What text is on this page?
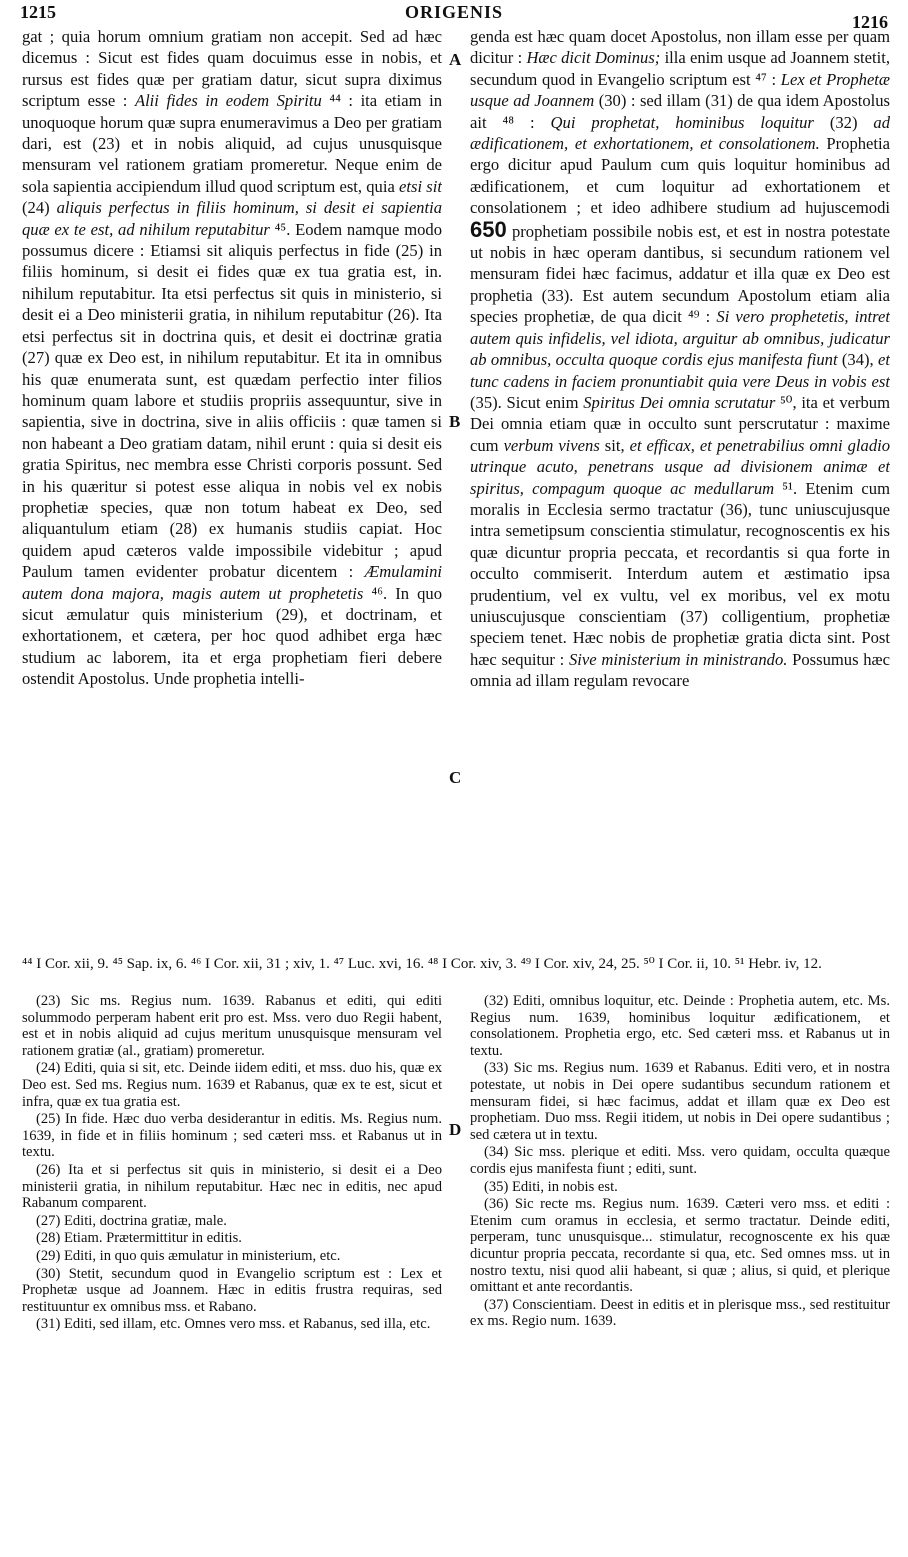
1215	ORIGENIS	1216
gat ; quia horum omnium gratiam non accepit. Sed ad hæc dicemus : Sicut est fides quam docuimus esse in nobis, et rursus est fides quæ per gratiam datur, sicut supra diximus scriptum esse : Alii fides in eodem Spiritu ⁴⁴ : ita etiam in unoquoque horum quæ supra enumeravimus a Deo per gratiam dari, est (23) et in nobis aliquid, ad cujus unusquisque mensuram vel rationem gratiam promeretur. Neque enim de sola sapientia accipiendum illud quod scriptum est, quia etsi sit (24) aliquis perfectus in filiis hominum, si desit ei sapientia quæ ex te est, ad nihilum reputabitur ⁴⁵. Eodem namque modo possumus dicere : Etiamsi sit aliquis perfectus in fide (25) in filiis hominum, si desit ei fides quæ ex tua gratia est, in. nihilum reputabitur. Ita etsi perfectus sit quis in ministerio, si desit ei a Deo ministerii gratia, in nihilum reputabitur (26). Ita etsi perfectus sit in doctrina quis, et desit ei doctrinæ gratia (27) quæ ex Deo est, in nihilum reputabitur. Et ita in omnibus his quæ enumerata sunt, est quædam perfectio inter filios hominum quam labore et studiis propriis assequuntur, sive in sapientia, sive in doctrina, sive in aliis officiis : quæ tamen si non habeant a Deo gratiam datam, nihil erunt : quia si desit eis gratia Spiritus, nec membra esse Christi corporis possunt. Sed in his quæritur si potest esse aliqua in nobis vel ex nobis prophetiæ species, quæ non totum habeat ex Deo, sed aliquantulum etiam (28) ex humanis studiis capiat. Hoc quidem apud cæteros valde impossibile videbitur ; apud Paulum tamen evidenter probatur dicentem : Æmulamini autem dona majora, magis autem ut prophetetis ⁴⁶. In quo sicut æmulatur quis ministerium (29), et doctrinam, et exhortationem, et cætera, per hoc quod adhibet erga hæc studium ac laborem, ita et erga prophetiam fieri debere ostendit Apostolus. Unde prophetia intelli-
A
B
C
D
genda est hæc quam docet Apostolus, non illam esse per quam dicitur : Hæc dicit Dominus; illa enim usque ad Joannem stetit, secundum quod in Evangelio scriptum est ⁴⁷ : Lex et Prophetæ usque ad Joannem (30) : sed illam (31) de qua idem Apostolus ait ⁴⁸ : Qui prophetat, hominibus loquitur (32) ad ædificationem, et exhortationem, et consolationem. Prophetia ergo dicitur apud Paulum cum quis loquitur hominibus ad ædificationem, et cum loquitur ad exhortationem et consolationem ; et ideo adhibere studium ad hujuscemodi 650 prophetiam possibile nobis est, et est in nostra potestate ut nobis in hæc operam dantibus, si secundum rationem vel mensuram fidei hæc facimus, addatur et illa quæ ex Deo est prophetia (33). Est autem secundum Apostolum etiam alia species prophetiæ, de qua dicit ⁴⁹ : Si vero prophetetis, intret autem quis infidelis, vel idiota, arguitur ab omnibus, judicatur ab omnibus, occulta quoque cordis ejus manifesta fiunt (34), et tunc cadens in faciem pronuntiabit quia vere Deus in vobis est (35). Sicut enim Spiritus Dei omnia scrutatur ⁵⁰, ita et verbum Dei omnia etiam quæ in occulto sunt perscrutatur : maxime cum verbum vivens sit, et efficax, et penetrabilius omni gladio utrinque acuto, penetrans usque ad divisionem animæ et spiritus, compagum quoque ac medullarum ⁵¹. Etenim cum moralis in Ecclesia sermo tractatur (36), tunc uniuscujusque intra semetipsum conscientia stimulatur, recognoscentis ex his quæ dicuntur propria peccata, et recordantis si qua forte in occulto commiserit. Interdum autem et æstimatio ipsa prudentium, vel ex vultu, vel ex moribus, vel ex motu uniuscujusque conscientiam (37) colligentium, prophetiæ speciem tenet. Hæc nobis de prophetiæ gratia dicta sint. Post hæc sequitur : Sive ministerium in ministrando. Possumus hæc omnia ad illam regulam revocare
⁴⁴ I Cor. xii, 9. ⁴⁵ Sap. ix, 6. ⁴⁶ I Cor. xii, 31 ; xiv, 1. ⁴⁷ Luc. xvi, 16. ⁴⁸ I Cor. xiv, 3. ⁴⁹ I Cor. xiv, 24, 25. ⁵⁰ I Cor. ii, 10. ⁵¹ Hebr. iv, 12.

(23) Sic ms. Regius num. 1639. Rabanus et editi, qui editi solummodo perperam habent erit pro est. Mss. vero duo Regii habent, est et in nobis aliquid ad cujus meritum unusquisque mensuram vel rationem gratiæ (al., gratiam) promeretur.

(24) Editi, quia si sit, etc. Deinde iidem editi, et mss. duo his, quæ ex Deo est. Sed ms. Regius num. 1639 et Rabanus, quæ ex te est, sicut et infra, quæ ex tua gratia est.

(25) In fide. Hæc duo verba desiderantur in editis. Ms. Regius num. 1639, in fide et in filiis hominum ; sed cæteri mss. et Rabanus ut in textu.

(26) Ita et si perfectus sit quis in ministerio, si desit ei a Deo ministerii gratia, in nihilum reputabitur. Hæc nec in editis, nec apud Rabanum comparent.

(27) Editi, doctrina gratiæ, male.

(28) Etiam. Prætermittitur in editis.

(29) Editi, in quo quis æmulatur in ministerium, etc.

(30) Stetit, secundum quod in Evangelio scriptum est : Lex et Prophetæ usque ad Joannem. Hæc in editis frustra requiras, sed restituuntur ex omnibus mss. et Rabano.

(31) Editi, sed illam, etc. Omnes vero mss. et Rabanus, sed illa, etc.

(32) Editi, omnibus loquitur, etc. Deinde : Prophetia autem, etc. Ms. Regius num. 1639, hominibus loquitur ædificationem, et consolationem. Prophetia ergo, etc. Sed cæteri mss. et Rabanus ut in textu.

(33) Sic ms. Regius num. 1639 et Rabanus. Editi vero, et in nostra potestate, ut nobis in Dei opere sudantibus secundum rationem et mensuram fidei, si hæc facimus, addat et illam quæ ex Deo est prophetiam. Duo mss. Regii itidem, ut nobis in Dei opere sudantibus ; sed cætera ut in textu.

(34) Sic mss. plerique et editi. Mss. vero quidam, occulta quæque cordis ejus manifesta fiunt ; editi, sunt.

(35) Editi, in nobis est.

(36) Sic recte ms. Regius num. 1639. Cæteri vero mss. et editi : Etenim cum oramus in ecclesia, et sermo tractatur. Deinde editi, perperam, tunc unusquisque... stimulatur, recognoscente ex his quæ dicuntur propria peccata, recordante si qua, etc. Sed omnes mss. ut in nostro textu, nisi quod alii habeant, si quæ ; alius, si quid, et plerique omittant et ante recordantis.

(37) Conscientiam. Deest in editis et in plerisque mss., sed restituitur ex ms. Regio num. 1639.
